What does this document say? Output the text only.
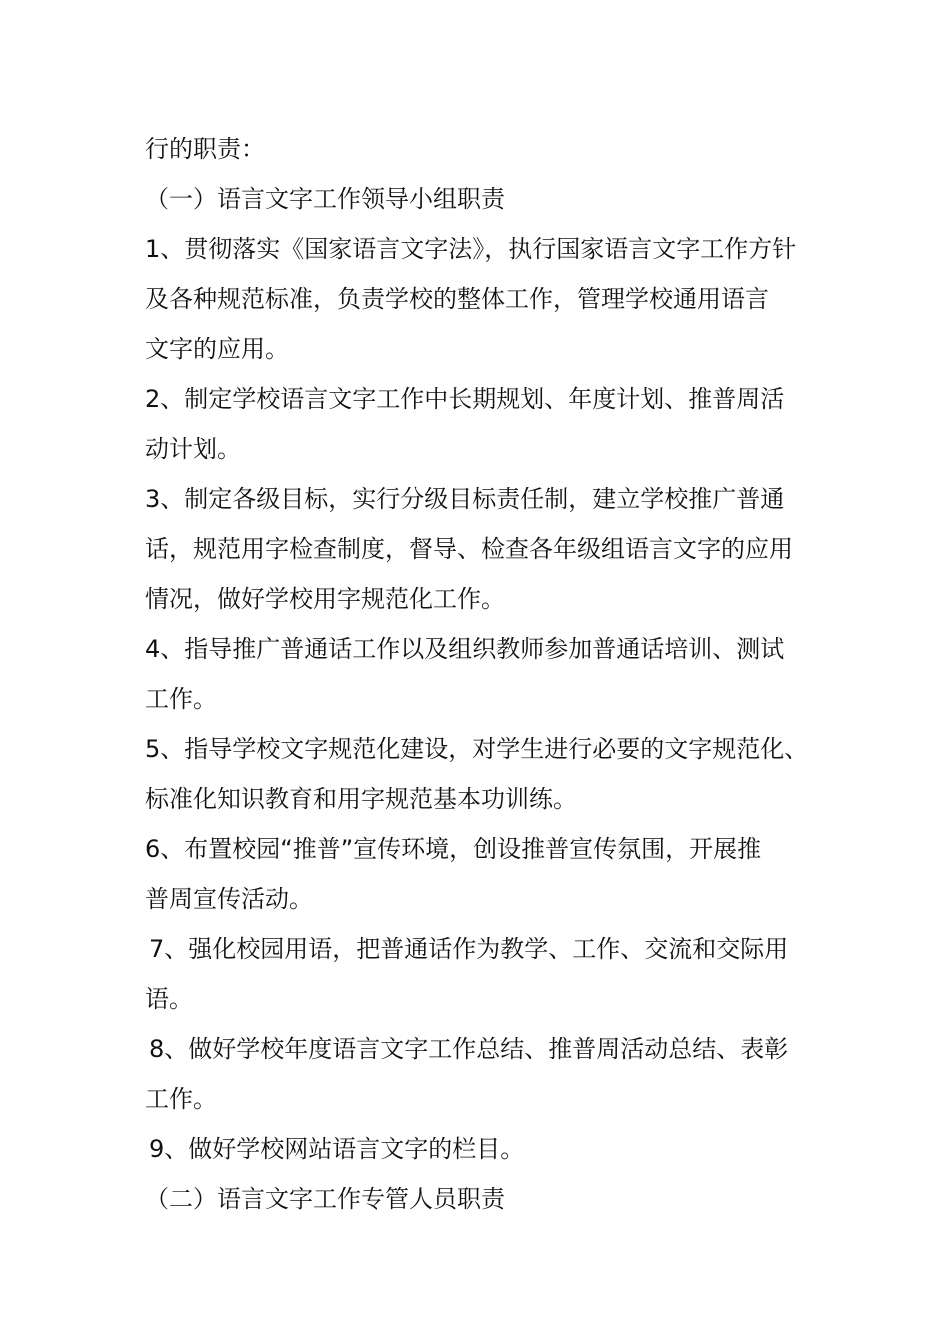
行的职责：
（一）语言文字工作领导小组职责
1、贯彻落实《国家语言文字法》，执行国家语言文字工作方针
及各种规范标准，负责学校的整体工作，管理学校通用语言
文字的应用。
2、制定学校语言文字工作中长期规划、年度计划、推普周活
动计划。
3、制定各级目标，实行分级目标责任制，建立学校推广普通
话，规范用字检查制度，督导、检查各年级组语言文字的应用
情况，做好学校用字规范化工作。
4、指导推广普通话工作以及组织教师参加普通话培训、测试
工作。
5、指导学校文字规范化建设，对学生进行必要的文字规范化、
标准化知识教育和用字规范基本功训练。
6、布置校园“推普”宣传环境，创设推普宣传氛围，开展推
普周宣传活动。
7、强化校园用语，把普通话作为教学、工作、交流和交际用
语。
8、做好学校年度语言文字工作总结、推普周活动总结、表彰
工作。
9、做好学校网站语言文字的栏目。
（二）语言文字工作专管人员职责
